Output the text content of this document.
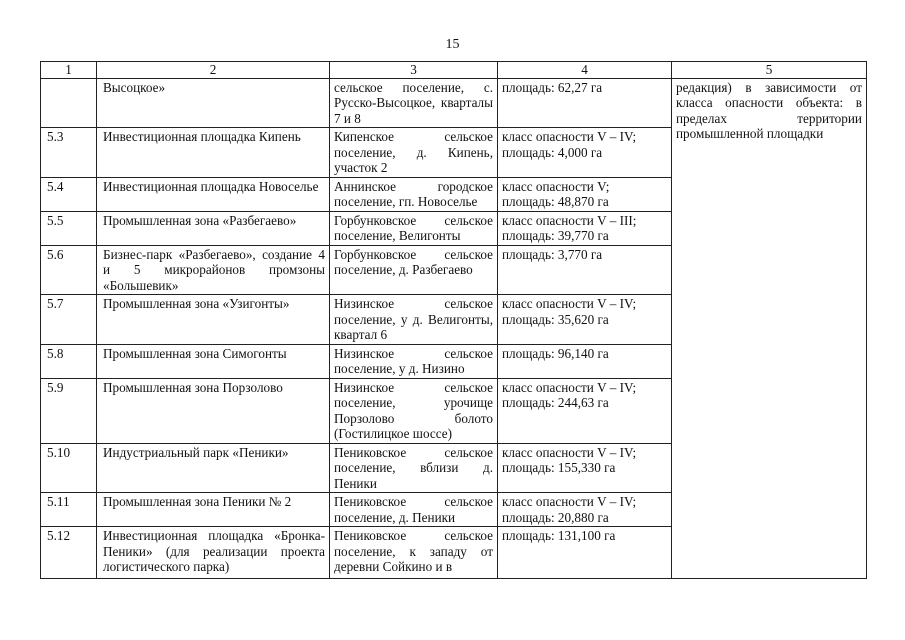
15
1	2	3	4	5

	Высоцкое»	сельское поселение, с. Русско-Высоцкое, кварталы 7 и 8	площадь: 62,27 га	редакция) в зависимости от класса опасности объекта: в пределах территории промышленной площадки

5.3	Инвестиционная площадка Кипень	Кипенское сельское поселение, д. Кипень, участок 2	класс опасности V – IV;
площадь: 4,000 га	

5.4	Инвестиционная площадка Новоселье	Аннинское городское поселение, гп. Новоселье	класс опасности V;
площадь: 48,870 га	

5.5	Промышленная зона «Разбегаево»	Горбунковское сельское поселение, Велигонты	класс опасности V – III;
площадь: 39,770 га	

5.6	Бизнес-парк «Разбегаево», создание 4 и 5 микрорайонов промзоны «Большевик»	Горбунковское сельское поселение, д. Разбегаево	площадь: 3,770 га	

5.7	Промышленная зона «Узигонты»	Низинское сельское поселение, у д. Велигонты, квартал 6	класс опасности V – IV;
площадь: 35,620 га	

5.8	Промышленная зона Симогонты	Низинское сельское поселение, у д. Низино	площадь: 96,140 га	

5.9	Промышленная зона Порзолово	Низинское сельское поселение, урочище Порзолово болото (Гостилицкое шоссе)	класс опасности V – IV;
площадь: 244,63 га	

5.10	Индустриальный парк «Пеники»	Пениковское сельское поселение, вблизи д. Пеники	класс опасности V – IV;
площадь: 155,330 га	

5.11	Промышленная зона Пеники № 2	Пениковское сельское поселение, д. Пеники	класс опасности V – IV;
площадь: 20,880 га	

5.12	Инвестиционная площадка «Бронка-Пеники» (для реализации проекта логистического парка)	Пениковское сельское поселение, к западу от деревни Сойкино и в	площадь: 131,100 га	
